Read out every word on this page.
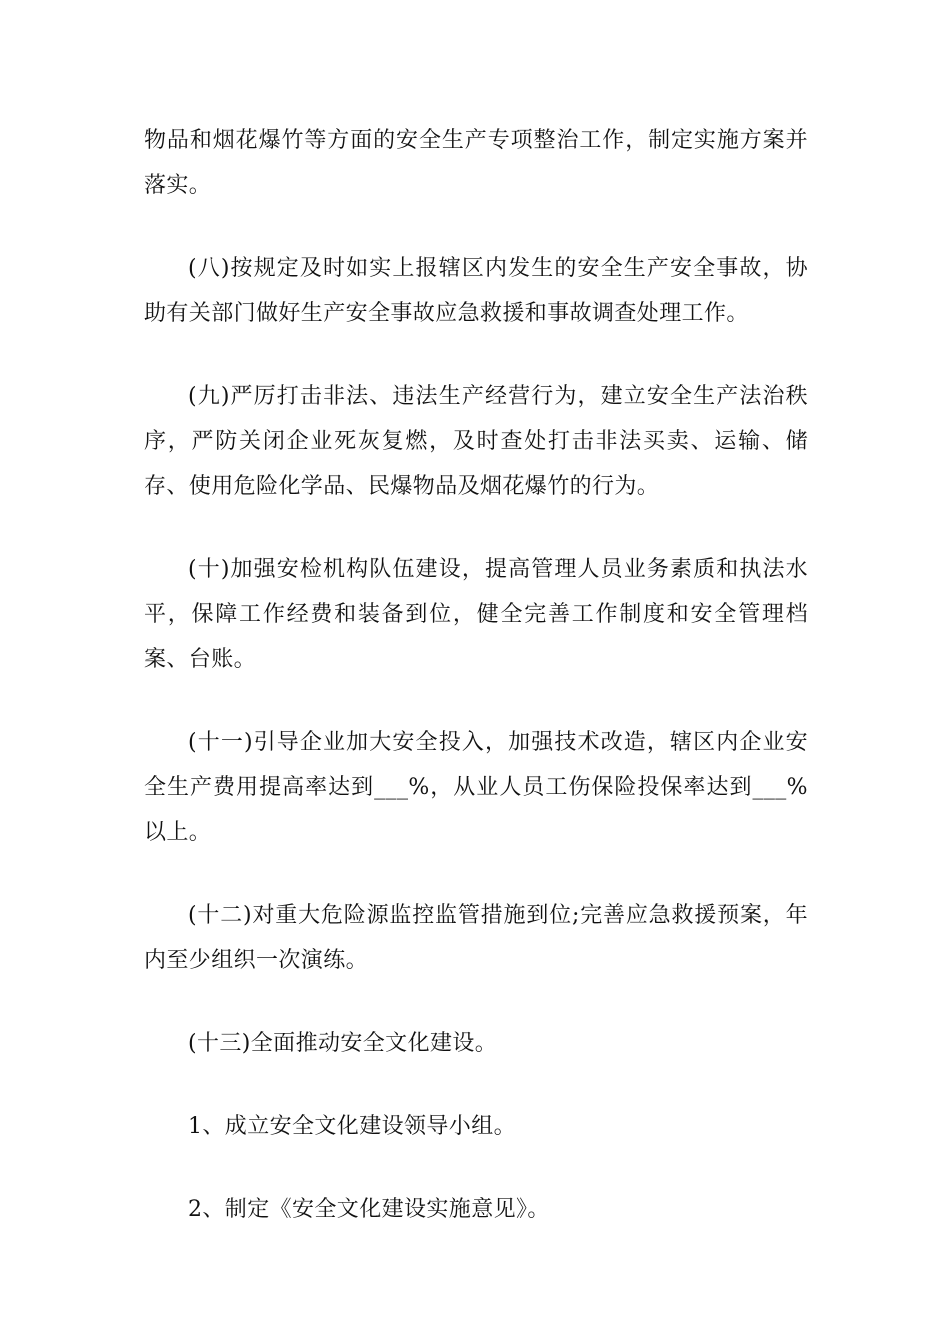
物品和烟花爆竹等方面的安全生产专项整治工作，制定实施方案并落实。

(八)按规定及时如实上报辖区内发生的安全生产安全事故，协助有关部门做好生产安全事故应急救援和事故调查处理工作。

(九)严厉打击非法、违法生产经营行为，建立安全生产法治秩序，严防关闭企业死灰复燃，及时查处打击非法买卖、运输、储存、使用危险化学品、民爆物品及烟花爆竹的行为。

(十)加强安检机构队伍建设，提高管理人员业务素质和执法水平，保障工作经费和装备到位，健全完善工作制度和安全管理档案、台账。

(十一)引导企业加大安全投入，加强技术改造，辖区内企业安全生产费用提高率达到___%，从业人员工伤保险投保率达到___%以上。

(十二)对重大危险源监控监管措施到位;完善应急救援预案，年内至少组织一次演练。

(十三)全面推动安全文化建设。

1、成立安全文化建设领导小组。

2、制定《安全文化建设实施意见》。
